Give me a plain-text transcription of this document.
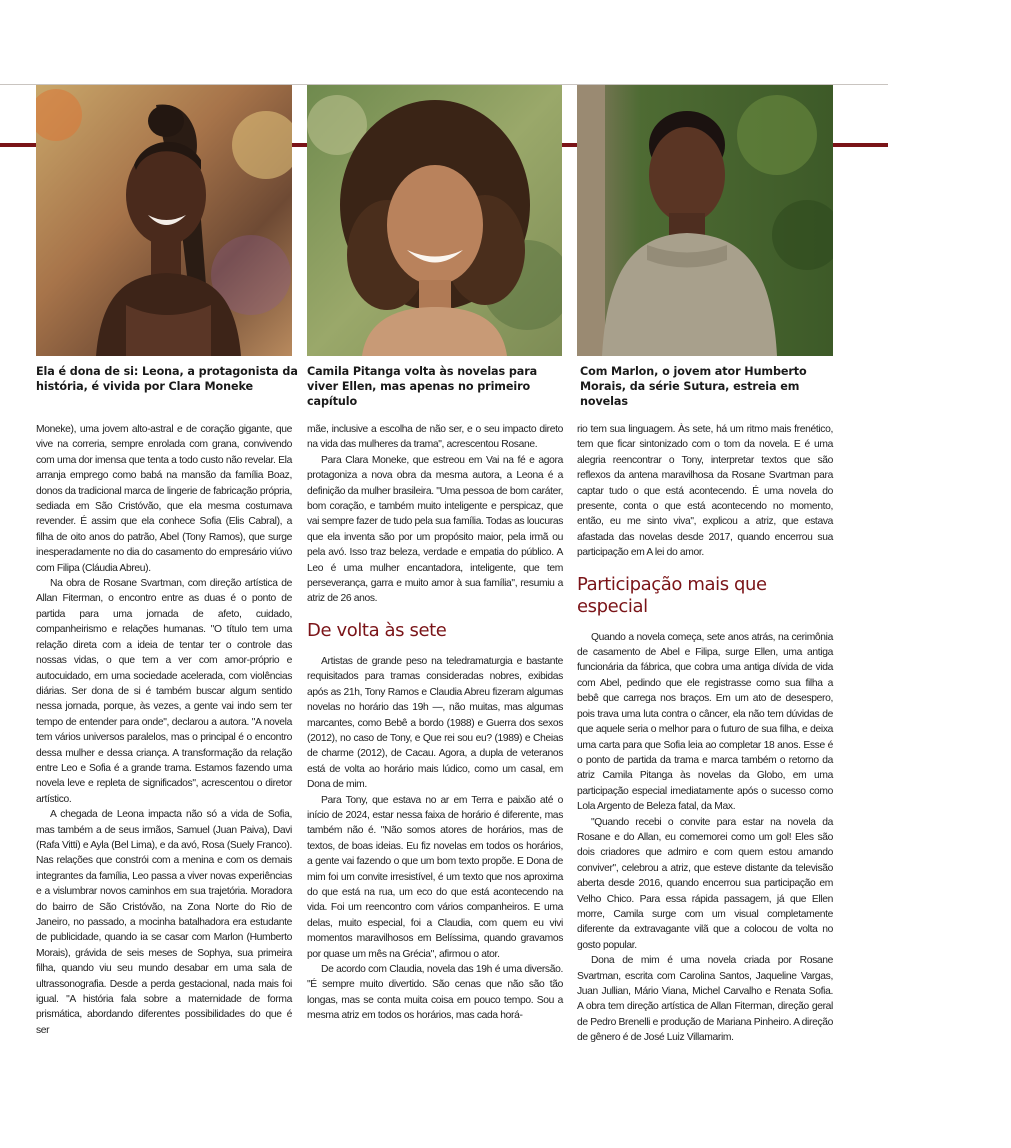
Ela é dona de si: Leona, a protagonista da história, é vivida por Clara Moneke
Camila Pitanga volta às novelas para viver Ellen, mas apenas no primeiro capítulo
Com Marlon, o jovem ator Humberto Morais, da série Sutura, estreia em novelas

Moneke), uma jovem alto-astral e de coração gigante, que vive na correria, sempre enrolada com grana, convivendo com uma dor imensa que tenta a todo custo não revelar. Ela arranja emprego como babá na mansão da família Boaz, donos da tradicional marca de lingerie de fabricação própria, sediada em São Cristóvão, que ela mesma costumava revender. É assim que ela conhece Sofia (Elis Cabral), a filha de oito anos do patrão, Abel (Tony Ramos), que surge inesperadamente no dia do casamento do empresário viúvo com Filipa (Cláudia Abreu).

Na obra de Rosane Svartman, com direção artística de Allan Fiterman, o encontro entre as duas é o ponto de partida para uma jornada de afeto, cuidado, companheirismo e relações humanas. "O título tem uma relação direta com a ideia de tentar ter o controle das nossas vidas, o que tem a ver com amor-próprio e autocuidado, em uma sociedade acelerada, com violências diárias. Ser dona de si é também buscar algum sentido nessa jornada, porque, às vezes, a gente vai indo sem ter tempo de entender para onde", declarou a autora. "A novela tem vários universos paralelos, mas o principal é o encontro dessa mulher e dessa criança. A transformação da relação entre Leo e Sofia é a grande trama. Estamos fazendo uma novela leve e repleta de significados", acrescentou o diretor artístico.

A chegada de Leona impacta não só a vida de Sofia, mas também a de seus irmãos, Samuel (Juan Paiva), Davi (Rafa Vitti) e Ayla (Bel Lima), e da avó, Rosa (Suely Franco). Nas relações que constrói com a menina e com os demais integrantes da família, Leo passa a viver novas experiências e a vislumbrar novos caminhos em sua trajetória. Moradora do bairro de São Cristóvão, na Zona Norte do Rio de Janeiro, no passado, a mocinha batalhadora era estudante de publicidade, quando ia se casar com Marlon (Humberto Morais), grávida de seis meses de Sophya, sua primeira filha, quando viu seu mundo desabar em uma sala de ultrassonografia. Desde a perda gestacional, nada mais foi igual. "A história fala sobre a maternidade de forma prismática, abordando diferentes possibilidades do que é ser

mãe, inclusive a escolha de não ser, e o seu impacto direto na vida das mulheres da trama", acrescentou Rosane.

Para Clara Moneke, que estreou em Vai na fé e agora protagoniza a nova obra da mesma autora, a Leona é a definição da mulher brasileira. "Uma pessoa de bom caráter, bom coração, e também muito inteligente e perspicaz, que vai sempre fazer de tudo pela sua família. Todas as loucuras que ela inventa são por um propósito maior, pela irmã ou pela avó. Isso traz beleza, verdade e empatia do público. A Leo é uma mulher encantadora, inteligente, que tem perseverança, garra e muito amor à sua família", resumiu a atriz de 26 anos.

De volta às sete

Artistas de grande peso na teledramaturgia e bastante requisitados para tramas consideradas nobres, exibidas após as 21h, Tony Ramos e Claudia Abreu fizeram algumas novelas no horário das 19h —, não muitas, mas algumas marcantes, como Bebê a bordo (1988) e Guerra dos sexos (2012), no caso de Tony, e Que rei sou eu? (1989) e Cheias de charme (2012), de Cacau. Agora, a dupla de veteranos está de volta ao horário mais lúdico, como um casal, em Dona de mim.

Para Tony, que estava no ar em Terra e paixão até o início de 2024, estar nessa faixa de horário é diferente, mas também não é. "Não somos atores de horários, mas de textos, de boas ideias. Eu fiz novelas em todos os horários, a gente vai fazendo o que um bom texto propõe. E Dona de mim foi um convite irresistível, é um texto que nos aproxima do que está na rua, um eco do que está acontecendo na vida. Foi um reencontro com vários companheiros. E uma delas, muito especial, foi a Claudia, com quem eu vivi momentos maravilhosos em Belíssima, quando gravamos por quase um mês na Grécia", afirmou o ator.

De acordo com Claudia, novela das 19h é uma diversão. "É sempre muito divertido. São cenas que não são tão longas, mas se conta muita coisa em pouco tempo. Sou a mesma atriz em todos os horários, mas cada horá-

rio tem sua linguagem. Às sete, há um ritmo mais frenético, tem que ficar sintonizado com o tom da novela. E é uma alegria reencontrar o Tony, interpretar textos que são reflexos da antena maravilhosa da Rosane Svartman para captar tudo o que está acontecendo. É uma novela do presente, conta o que está acontecendo no momento, então, eu me sinto viva", explicou a atriz, que estava afastada das novelas desde 2017, quando encerrou sua participação em A lei do amor.

Participação mais que especial

Quando a novela começa, sete anos atrás, na cerimônia de casamento de Abel e Filipa, surge Ellen, uma antiga funcionária da fábrica, que cobra uma antiga dívida de vida com Abel, pedindo que ele registrasse como sua filha a bebê que carrega nos braços. Em um ato de desespero, pois trava uma luta contra o câncer, ela não tem dúvidas de que aquele seria o melhor para o futuro de sua filha, e deixa uma carta para que Sofia leia ao completar 18 anos. Esse é o ponto de partida da trama e marca também o retorno da atriz Camila Pitanga às novelas da Globo, em uma participação especial imediatamente após o sucesso como Lola Argento de Beleza fatal, da Max.

"Quando recebi o convite para estar na novela da Rosane e do Allan, eu comemorei como um gol! Eles são dois criadores que admiro e com quem estou amando conviver", celebrou a atriz, que esteve distante da televisão aberta desde 2016, quando encerrou sua participação em Velho Chico. Para essa rápida passagem, já que Ellen morre, Camila surge com um visual completamente diferente da extravagante vilã que a colocou de volta no gosto popular.

Dona de mim é uma novela criada por Rosane Svartman, escrita com Carolina Santos, Jaqueline Vargas, Juan Jullian, Mário Viana, Michel Carvalho e Renata Sofia. A obra tem direção artística de Allan Fiterman, direção geral de Pedro Brenelli e produção de Mariana Pinheiro. A direção de gênero é de José Luiz Villamarim.
